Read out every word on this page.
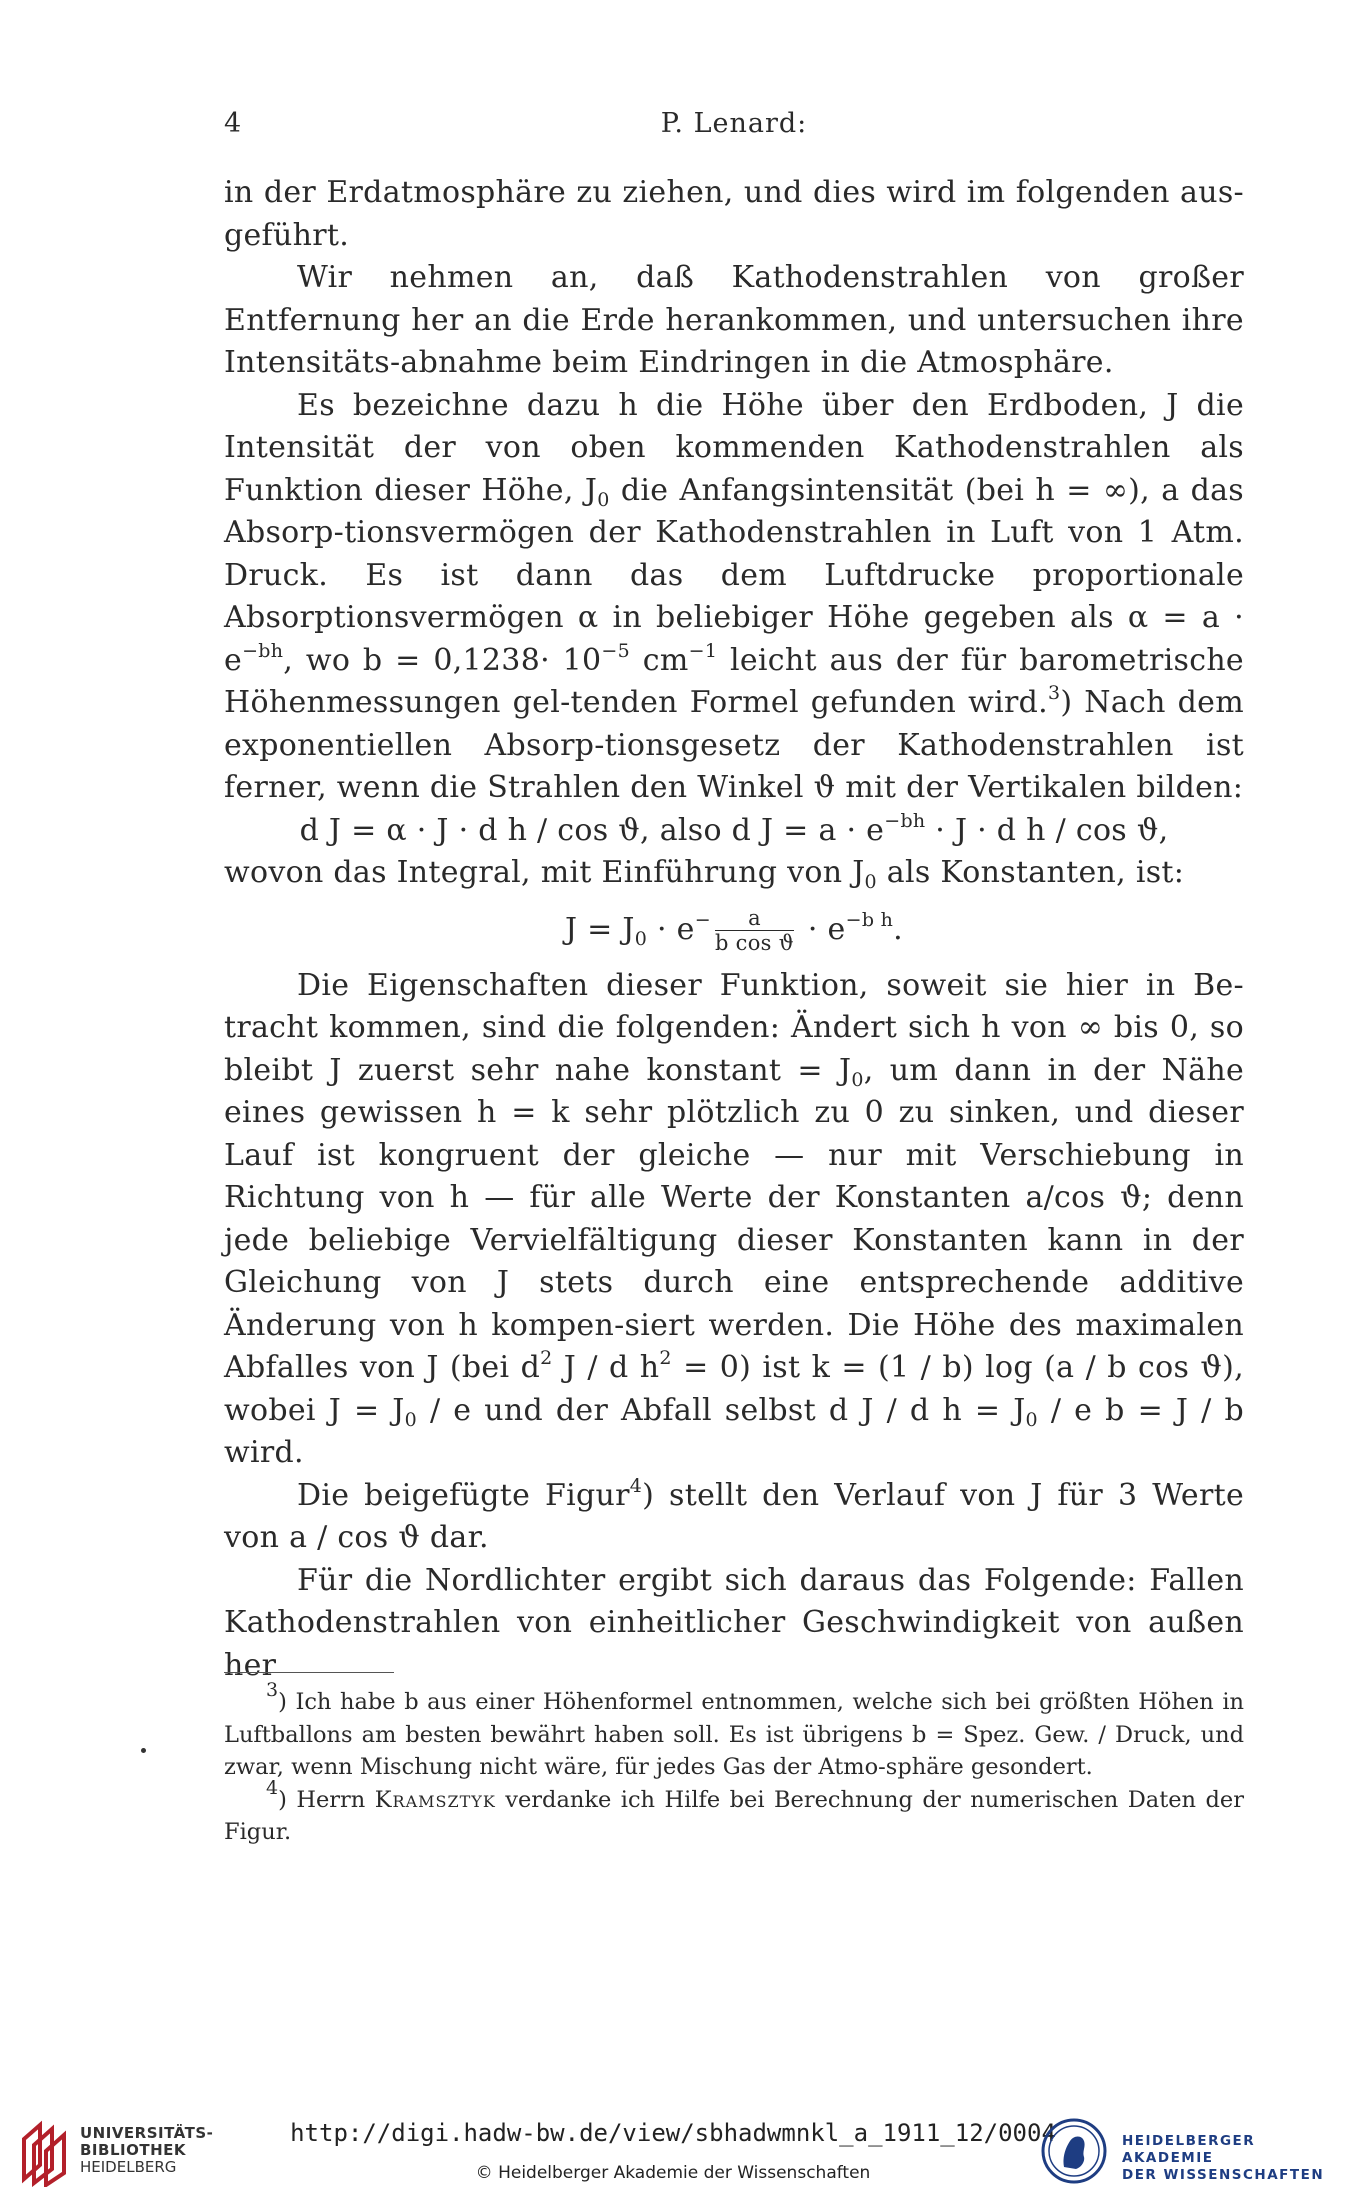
4	P. Lenard:

in der Erdatmosphäre zu ziehen, und dies wird im folgenden aus-geführt.

Wir nehmen an, daß Kathodenstrahlen von großer Entfernung her an die Erde herankommen, und untersuchen ihre Intensitäts-abnahme beim Eindringen in die Atmosphäre.

Es bezeichne dazu h die Höhe über den Erdboden, J die Intensität der von oben kommenden Kathodenstrahlen als Funktion dieser Höhe, $J_0$ die Anfangsintensität (bei h = ∞), a das Absorp-tionsvermögen der Kathodenstrahlen in Luft von 1 Atm. Druck. Es ist dann das dem Luftdrucke proportionale Absorptionsvermögen α in beliebiger Höhe gegeben als $\alpha = a \cdot e^{-bh}$, wo $b = 0,1238\cdot 10^{-5}$ $cm^{-1}$ leicht aus der für barometrische Höhenmessungen gel-tenden Formel gefunden wird.$^3$) Nach dem exponentiellen Absorp-tionsgesetz der Kathodenstrahlen ist ferner, wenn die Strahlen den Winkel ϑ mit der Vertikalen bilden:

d J = α · J · d h / cos ϑ, also d $J = a \cdot e^{-bh} \cdot J \cdot d$ h / cos ϑ,

wovon das Integral, mit Einführung von $J_0$ als Konstanten, ist:

$J = J_0 \cdot e^- \frac{a}{\text{b cos ϑ}} \cdot e^{-b h}$.

Die Eigenschaften dieser Funktion, soweit sie hier in Be-tracht kommen, sind die folgenden: Ändert sich h von ∞ bis 0, so bleibt J zuerst sehr nahe konstant = $J_0$, um dann in der Nähe eines gewissen h = k sehr plötzlich zu 0 zu sinken, und dieser Lauf ist kongruent der gleiche — nur mit Verschiebung in Richtung von h — für alle Werte der Konstanten a/cos ϑ; denn jede beliebige Vervielfältigung dieser Konstanten kann in der Gleichung von J stets durch eine entsprechende additive Änderung von h kompen-siert werden. Die Höhe des maximalen Abfalles von J (bei $d^2$ J / d $h^2 = 0$) ist k = (1 / b) log (a / b cos ϑ), wobei $J = J_0 / e$ und der Abfall selbst d J / d $h = J_0 / e$ b = J / b wird.

Die beigefügte Figur$^4$) stellt den Verlauf von J für 3 Werte von a / cos ϑ dar.

Für die Nordlichter ergibt sich daraus das Folgende: Fallen Kathodenstrahlen von einheitlicher Geschwindigkeit von außen her

$^3$) Ich habe b aus einer Höhenformel entnommen, welche sich bei größten Höhen in Luftballons am besten bewährt haben soll. Es ist übrigens b = Spez. Gew. / Druck, und zwar, wenn Mischung nicht wäre, für jedes Gas der Atmo-sphäre gesondert.

$^4$) Herrn Kramsztyk verdanke ich Hilfe bei Berechnung der numerischen Daten der Figur.

UNIVERSITÄTS-
BIBLIOTHEK
HEIDELBERG
http://digi.hadw-bw.de/view/sbhadwmnkl_a_1911_12/0004
© Heidelberger Akademie der Wissenschaften
HEIDELBERGER AKADEMIE
DER WISSENSCHAFTEN
